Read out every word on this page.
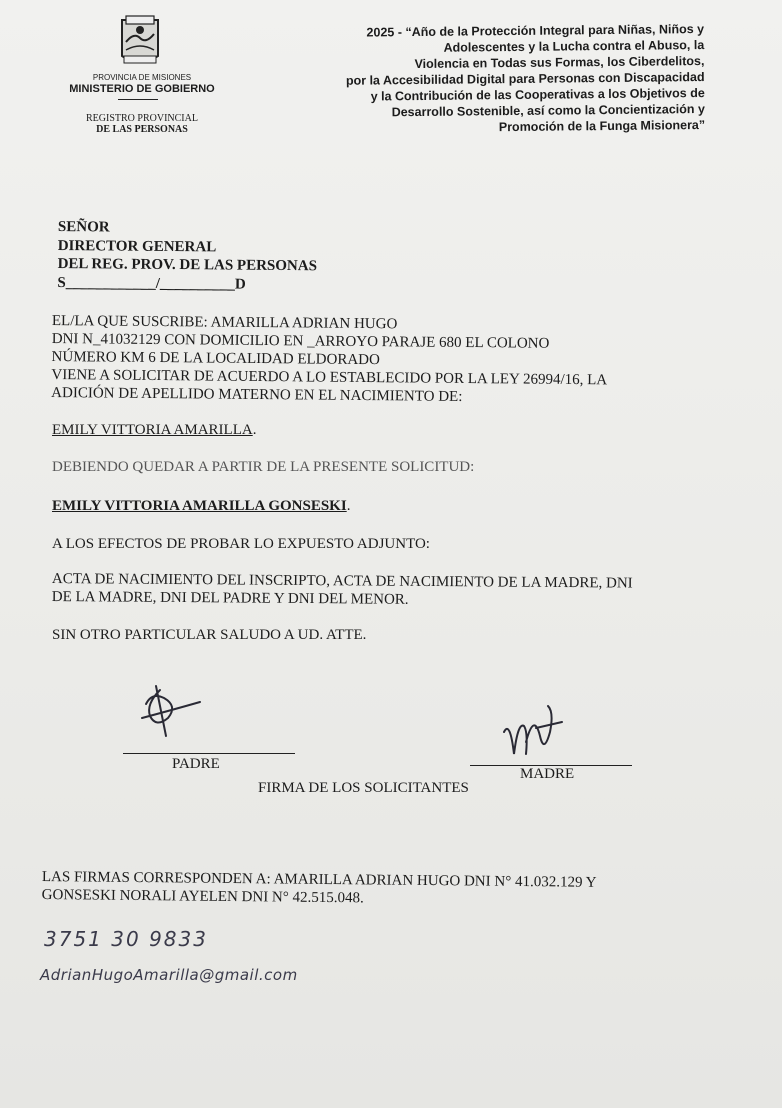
PROVINCIA DE MISIONES
MINISTERIO DE GOBIERNO
REGISTRO PROVINCIAL
DE LAS PERSONAS
2025 - “Año de la Protección Integral para Niñas, Niños y
Adolescentes y la Lucha contra el Abuso, la
Violencia en Todas sus Formas, los Ciberdelitos,
por la Accesibilidad Digital para Personas con Discapacidad
y la Contribución de las Cooperativas a los Objetivos de
Desarrollo Sostenible, así como la Concientización y
Promoción de la Funga Misionera”
SEÑOR
DIRECTOR GENERAL
DEL REG. PROV. DE LAS PERSONAS
S____________/__________D
EL/LA QUE SUSCRIBE: AMARILLA ADRIAN HUGO
DNI N_41032129 CON DOMICILIO EN _ARROYO PARAJE 680 EL COLONO
NÚMERO KM 6 DE LA LOCALIDAD ELDORADO
VIENE A SOLICITAR DE ACUERDO A LO ESTABLECIDO POR LA LEY 26994/16, LA
ADICIÓN DE APELLIDO MATERNO EN EL NACIMIENTO DE:
EMILY VITTORIA AMARILLA.
DEBIENDO QUEDAR A PARTIR DE LA PRESENTE SOLICITUD:
EMILY VITTORIA AMARILLA GONSESKI.
A LOS EFECTOS DE PROBAR LO EXPUESTO ADJUNTO:
ACTA DE NACIMIENTO DEL INSCRIPTO, ACTA DE NACIMIENTO DE LA MADRE, DNI
DE LA MADRE, DNI DEL PADRE Y DNI DEL MENOR.
SIN OTRO PARTICULAR SALUDO A UD. ATTE.
PADRE
MADRE
FIRMA DE LOS SOLICITANTES
LAS FIRMAS CORRESPONDEN A: AMARILLA ADRIAN HUGO DNI N° 41.032.129 Y
GONSESKI NORALI AYELEN DNI N° 42.515.048.
3751 30 9833
AdrianHugoAmarilla@gmail.com
